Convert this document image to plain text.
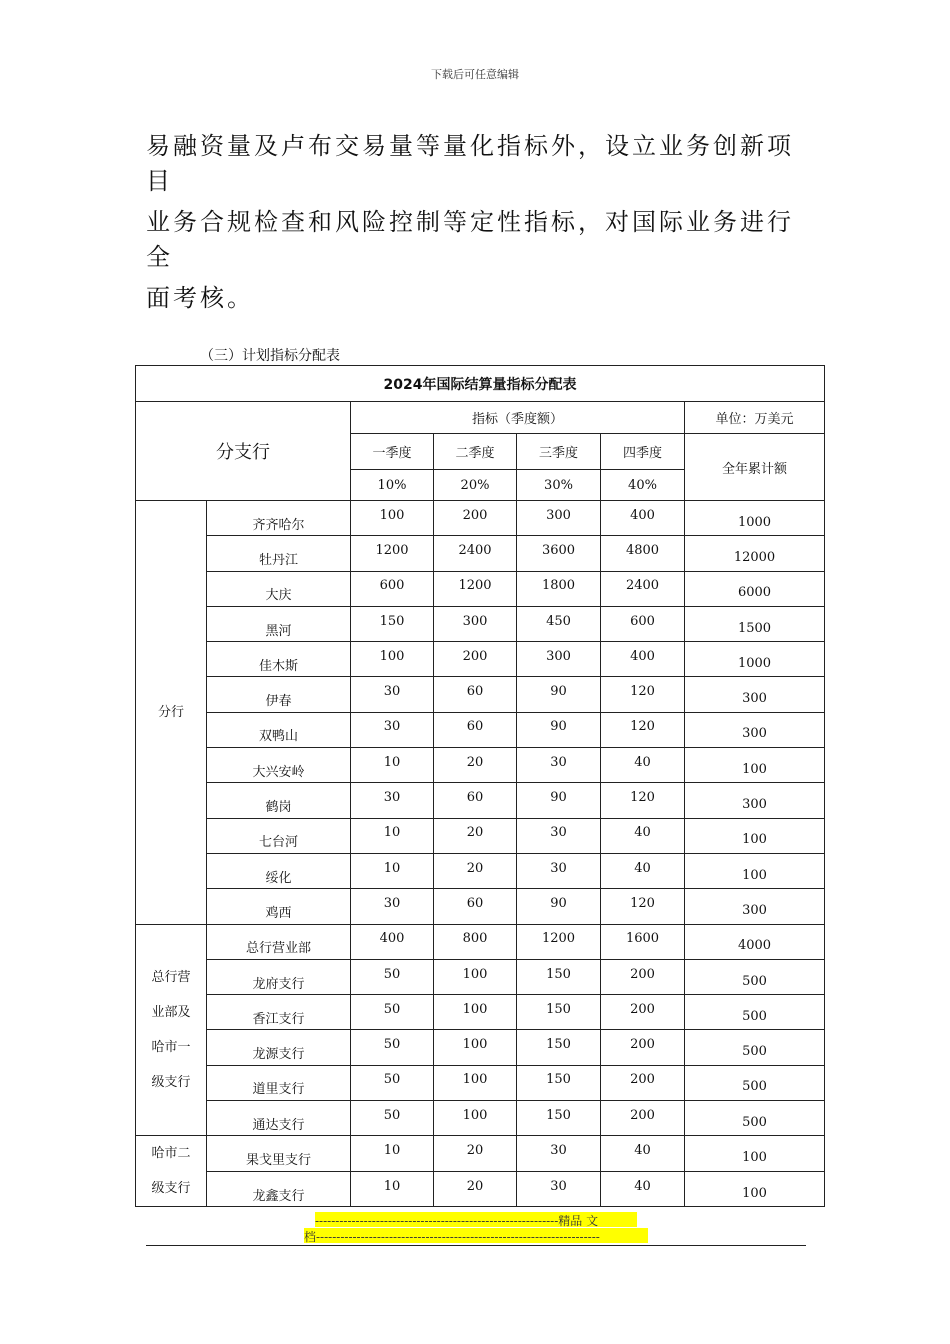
下载后可任意编辑
易融资量及卢布交易量等量化指标外，设立业务创新项目
业务合规检查和风险控制等定性指标，对国际业务进行全
面考核。
（三）计划指标分配表
2024年国际结算量指标分配表						
分支行		指标（季度额）				单位：万美元
		一季度	二季度	三季度	四季度	全年累计额
		10%	20%	30%	40%	

分行	齐齐哈尔	100	200	300	400	1000
	牡丹江	1200	2400	3600	4800	12000
	大庆	600	1200	1800	2400	6000
	黑河	150	300	450	600	1500
	佳木斯	100	200	300	400	1000
	伊春	30	60	90	120	300
	双鸭山	30	60	90	120	300
	大兴安岭	10	20	30	40	100
	鹤岗	30	60	90	120	300
	七台河	10	20	30	40	100
	绥化	10	20	30	40	100
	鸡西	30	60	90	120	300

总行营
业部及
哈市一
级支行	总行营业部	400	800	1200	1600	4000
	龙府支行	50	100	150	200	500
	香江支行	50	100	150	200	500
	龙源支行	50	100	150	200	500
	道里支行	50	100	150	200	500
	通达支行	50	100	150	200	500

哈市二
级支行	果戈里支行	10	20	30	40	100
	龙鑫支行	10	20	30	40	100
------------------------------------------------------------精品 文
档----------------------------------------------------------------------
